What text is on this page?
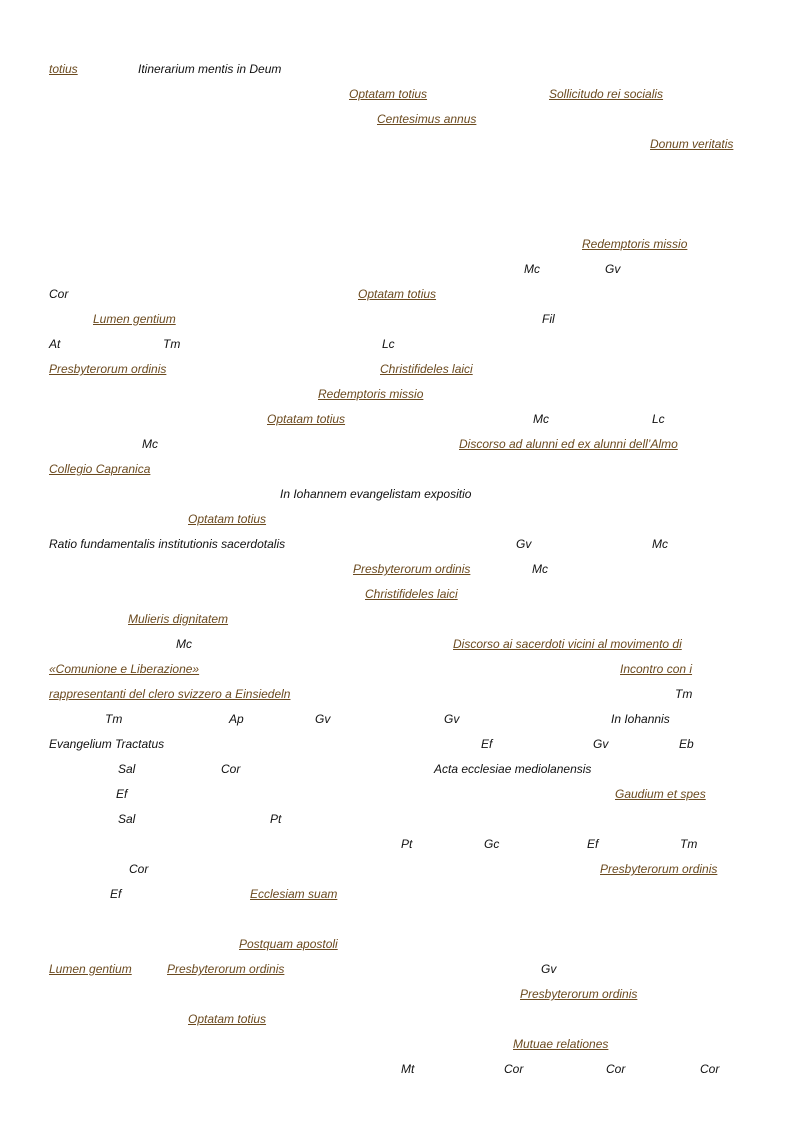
totius	Itinerarium mentis in Deum
Optatam totius	Sollicitudo rei socialis
Centesimus annus
Donum veritatis
Redemptoris missio
Mc	Gv
Cor	Optatam totius
Lumen gentium	Fil
At	Tm	Lc
Presbyterorum ordinis	Christifideles laici
Redemptoris missio
Optatam totius	Mc	Lc
Mc	Discorso ad alunni ed ex alunni dell’Almo
Collegio Capranica
In Iohannem evangelistam expositio
Optatam totius
Ratio fundamentalis institutionis sacerdotalis	Gv	Mc
Presbyterorum ordinis	Mc
Christifideles laici
Mulieris dignitatem
Mc	Discorso ai sacerdoti vicini al movimento di
«Comunione e Liberazione»	Incontro con i
rappresentanti del clero svizzero a Einsiedeln	Tm
Tm	Ap	Gv	Gv	In Iohannis
Evangelium Tractatus	Ef	Gv	Eb
Sal	Cor	Acta ecclesiae mediolanensis
Ef	Gaudium et spes
Sal	Pt
Pt	Gc	Ef	Tm
Cor	Presbyterorum ordinis
Ef	Ecclesiam suam
Postquam apostoli
Lumen gentium	Presbyterorum ordinis	Gv
Presbyterorum ordinis
Optatam totius
Mutuae relationes
Mt	Cor	Cor	Cor
